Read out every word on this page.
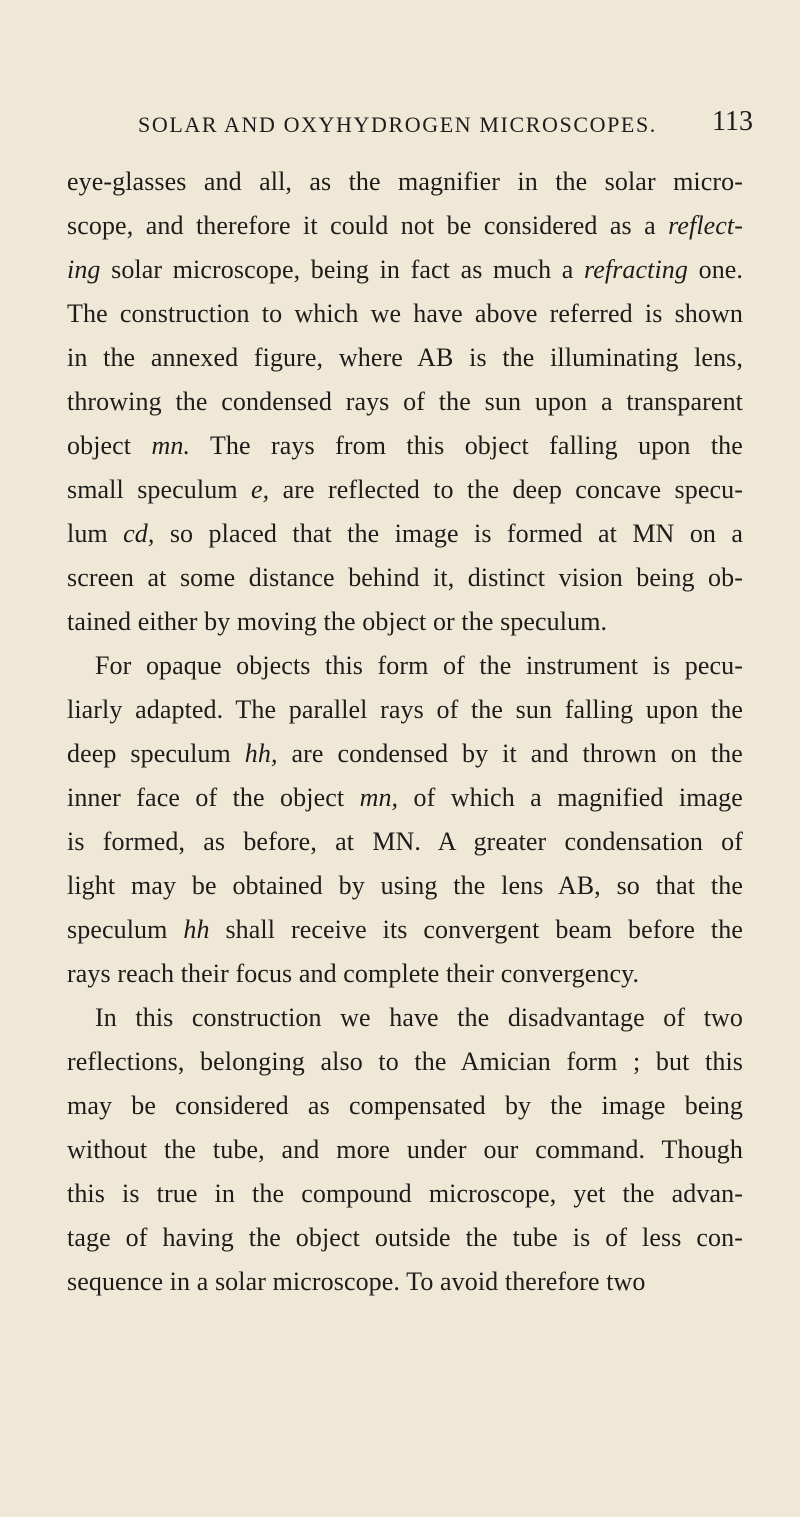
SOLAR AND OXYHYDROGEN MICROSCOPES. 113
eye-glasses and all, as the magnifier in the solar micro-
scope, and therefore it could not be considered as a reflect-
ing solar microscope, being in fact as much a refracting one.
The construction to which we have above referred is shown
in the annexed figure, where AB is the illuminating lens,
throwing the condensed rays of the sun upon a transparent
object mn. The rays from this object falling upon the
small speculum e, are reflected to the deep concave specu-
lum cd, so placed that the image is formed at MN on a
screen at some distance behind it, distinct vision being ob-
tained either by moving the object or the speculum.
For opaque objects this form of the instrument is pecu-
liarly adapted. The parallel rays of the sun falling upon the
deep speculum hh, are condensed by it and thrown on the
inner face of the object mn, of which a magnified image
is formed, as before, at MN. A greater condensation of
light may be obtained by using the lens AB, so that the
speculum hh shall receive its convergent beam before the
rays reach their focus and complete their convergency.
In this construction we have the disadvantage of two
reflections, belonging also to the Amician form ; but this
may be considered as compensated by the image being
without the tube, and more under our command. Though
this is true in the compound microscope, yet the advan-
tage of having the object outside the tube is of less con-
sequence in a solar microscope. To avoid therefore two
